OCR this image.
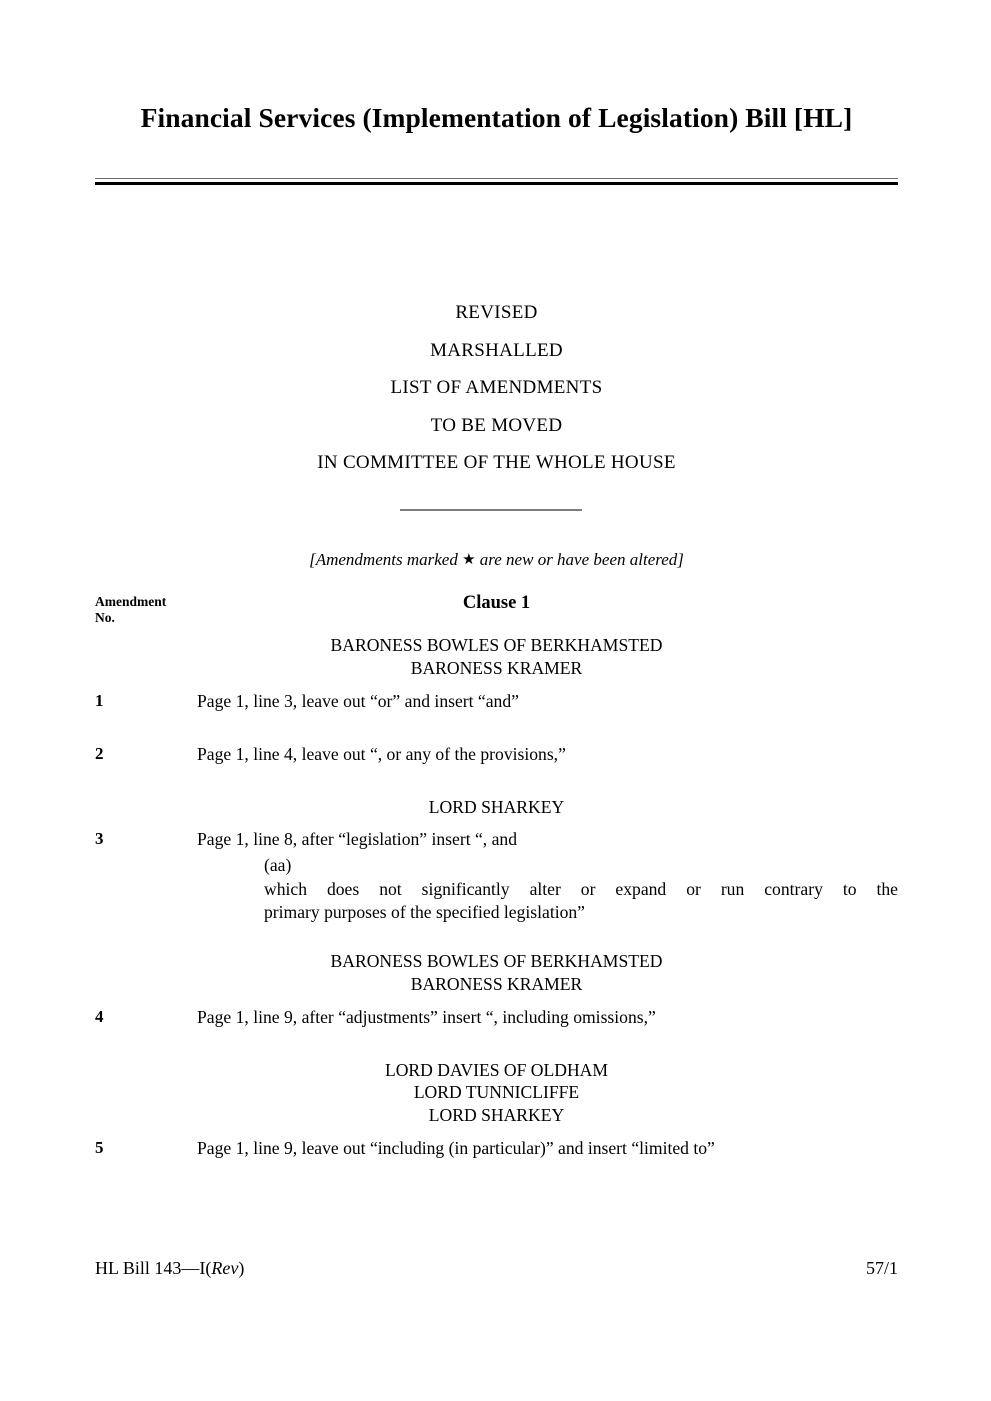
Financial Services (Implementation of Legislation) Bill [HL]
REVISED
MARSHALLED
LIST OF AMENDMENTS
TO BE MOVED
IN COMMITTEE OF THE WHOLE HOUSE
[Amendments marked ★ are new or have been altered]
Amendment
No.
Clause 1
BARONESS BOWLES OF BERKHAMSTED
BARONESS KRAMER
1	Page 1, line 3, leave out “or” and insert “and”
2	Page 1, line 4, leave out “, or any of the provisions,”
LORD SHARKEY
3	Page 1, line 8, after “legislation” insert “, and
(aa)
which does not significantly alter or expand or run contrary to the
primary purposes of the specified legislation”
BARONESS BOWLES OF BERKHAMSTED
BARONESS KRAMER
4	Page 1, line 9, after “adjustments” insert “, including omissions,”
LORD DAVIES OF OLDHAM
LORD TUNNICLIFFE
LORD SHARKEY
5	Page 1, line 9, leave out “including (in particular)” and insert “limited to”
HL Bill 143—I(Rev)	57/1
